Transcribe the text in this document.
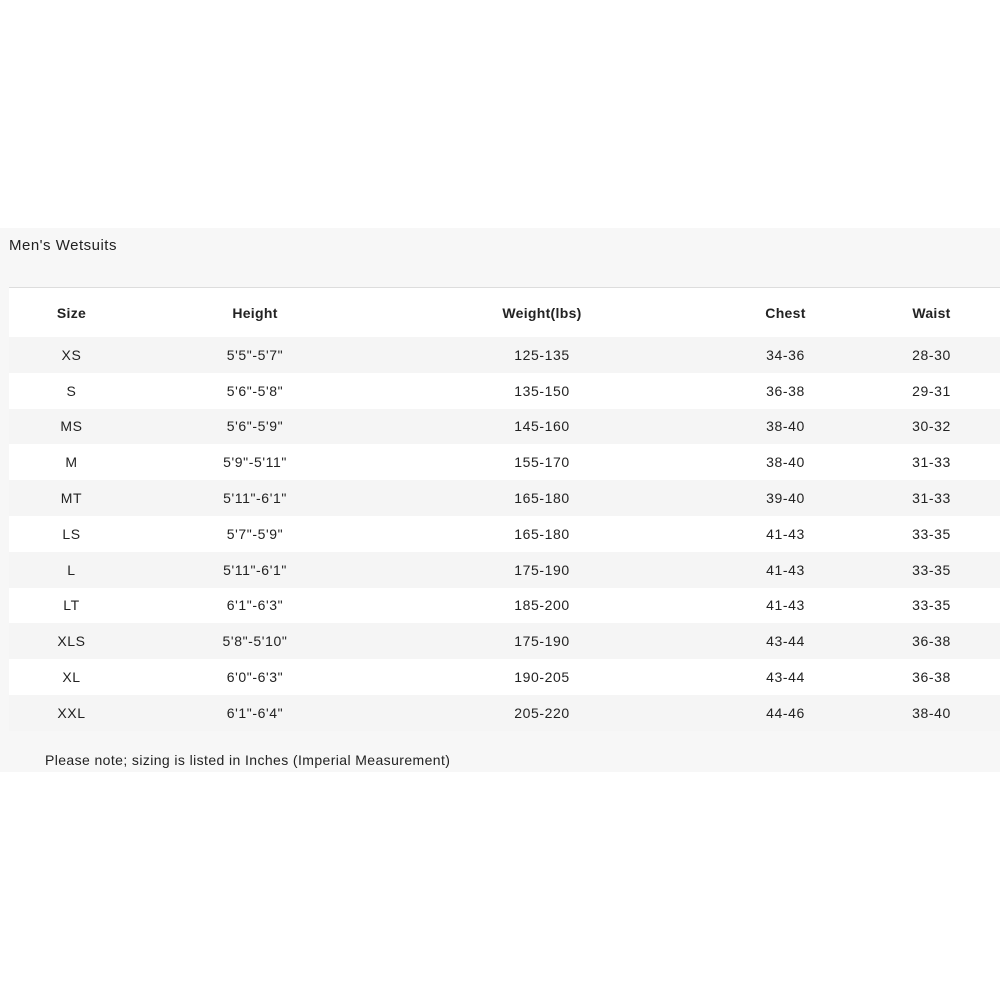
Men's Wetsuits
Size	Height	Weight(lbs)	Chest	Waist
XS	5'5"-5'7"	125-135	34-36	28-30
S	5'6"-5'8"	135-150	36-38	29-31
MS	5'6"-5'9"	145-160	38-40	30-32
M	5'9"-5'11"	155-170	38-40	31-33
MT	5'11"-6'1"	165-180	39-40	31-33
LS	5'7"-5'9"	165-180	41-43	33-35
L	5'11"-6'1"	175-190	41-43	33-35
LT	6'1"-6'3"	185-200	41-43	33-35
XLS	5'8"-5'10"	175-190	43-44	36-38
XL	6'0"-6'3"	190-205	43-44	36-38
XXL	6'1"-6'4"	205-220	44-46	38-40
Please note; sizing is listed in Inches (Imperial Measurement)
